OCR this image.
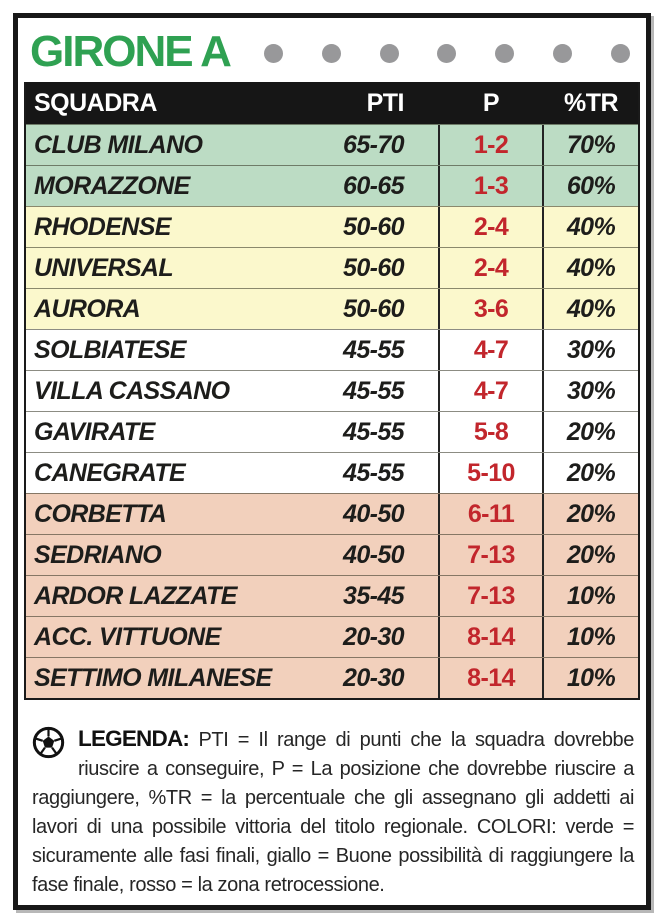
GIRONE A
SQUADRA	PTI	P	%TR
CLUB MILANO	65-70	1-2	70%
MORAZZONE	60-65	1-3	60%
RHODENSE	50-60	2-4	40%
UNIVERSAL	50-60	2-4	40%
AURORA	50-60	3-6	40%
SOLBIATESE	45-55	4-7	30%
VILLA CASSANO	45-55	4-7	30%
GAVIRATE	45-55	5-8	20%
CANEGRATE	45-55	5-10	20%
CORBETTA	40-50	6-11	20%
SEDRIANO	40-50	7-13	20%
ARDOR LAZZATE	35-45	7-13	10%
ACC. VITTUONE	20-30	8-14	10%
SETTIMO MILANESE	20-30	8-14	10%
LEGENDA: PTI = Il range di punti che la squadra dovrebbe riuscire a conseguire, P = La posizione che dovrebbe riuscire a raggiungere, %TR = la percentuale che gli assegnano gli addetti ai lavori di una possibile vittoria del titolo regionale. COLORI: verde = sicuramente alle fasi finali, giallo = Buone possibilità di raggiungere la fase finale, rosso = la zona retrocessione.
